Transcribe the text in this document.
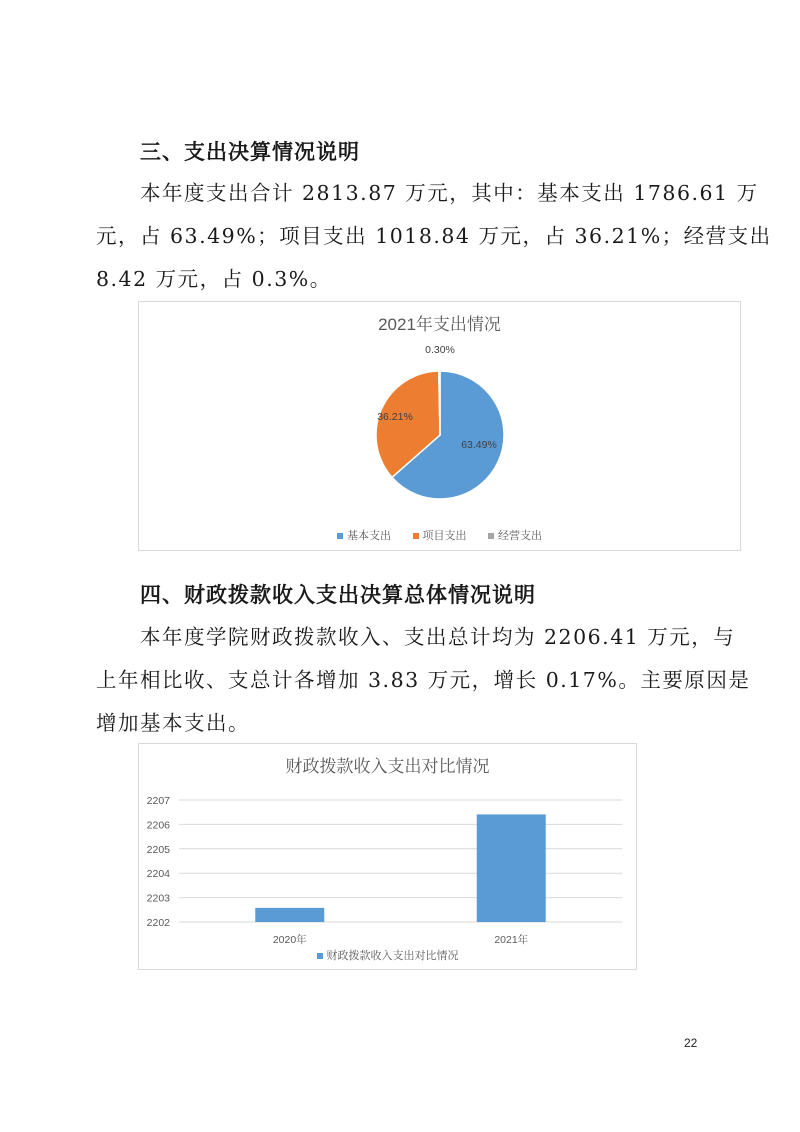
三、支出决算情况说明
本年度支出合计 2813.87 万元，其中：基本支出 1786.61 万
元，占 63.49%；项目支出 1018.84 万元，占 36.21%；经营支出
8.42 万元，占 0.3%。
2021年支出情况
63.49%
36.21%
0.30%
基本支出	项目支出	经营支出
四、财政拨款收入支出决算总体情况说明
本年度学院财政拨款收入、支出总计均为 2206.41 万元，与
上年相比收、支总计各增加 3.83 万元，增长 0.17%。主要原因是
增加基本支出。
财政拨款收入支出对比情况
2202
2203
2204
2205
2206
2207
2020年	2021年
财政拨款收入支出对比情况
22
